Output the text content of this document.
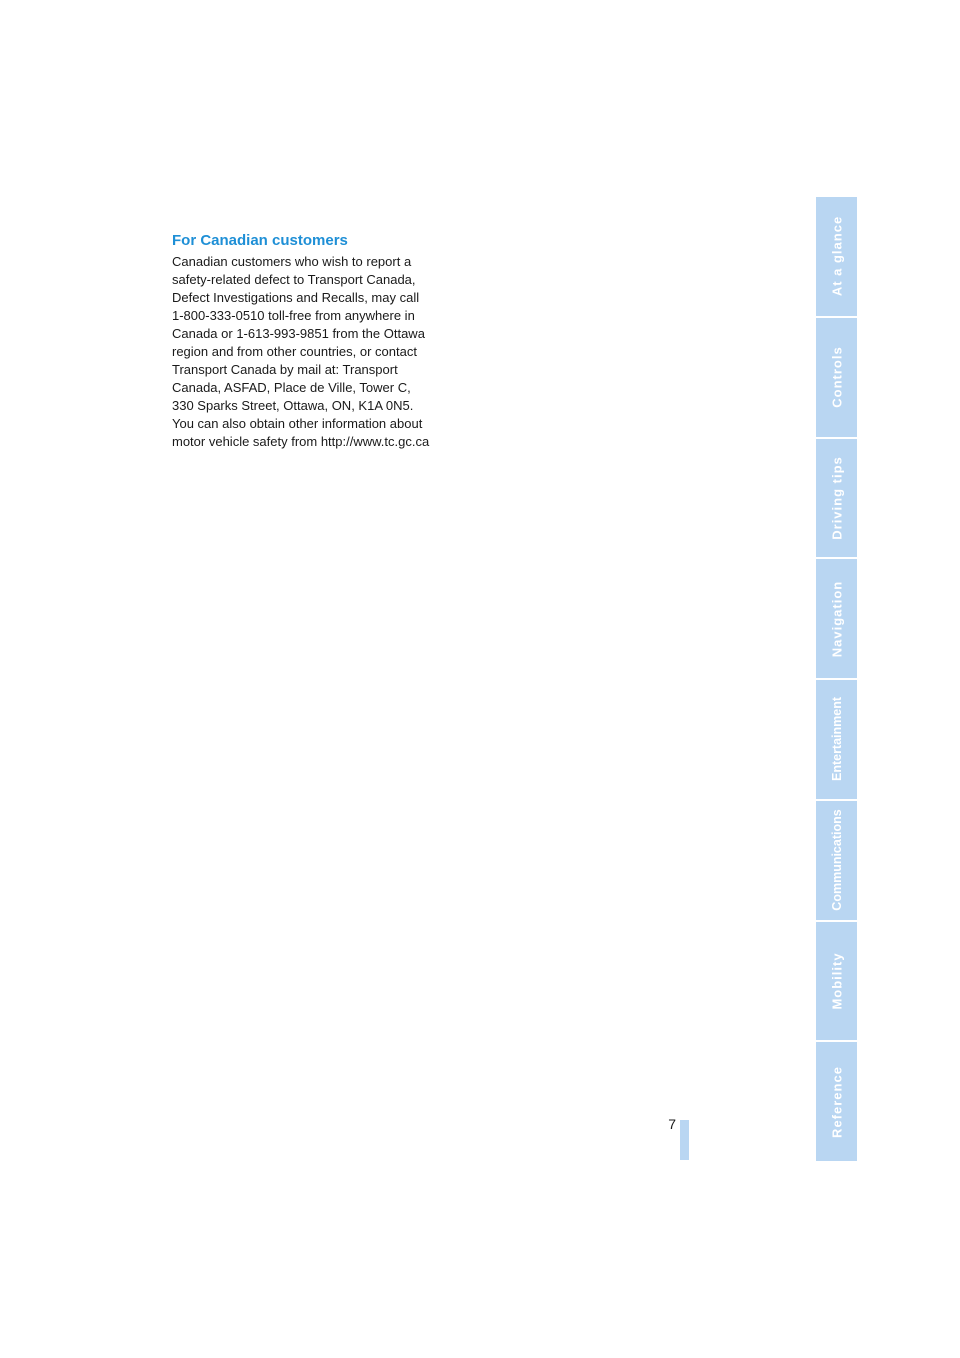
For Canadian customers
Canadian customers who wish to report a
safety-related defect to Transport Canada,
Defect Investigations and Recalls, may call
1-800-333-0510 toll-free from anywhere in
Canada or 1-613-993-9851 from the Ottawa
region and from other countries, or contact
Transport Canada by mail at: Transport
Canada, ASFAD, Place de Ville, Tower C,
330 Sparks Street, Ottawa, ON, K1A 0N5.
You can also obtain other information about
motor vehicle safety from http://www.tc.gc.ca
7
At a glance
Controls
Driving tips
Navigation
Entertainment
Communications
Mobility
Reference
